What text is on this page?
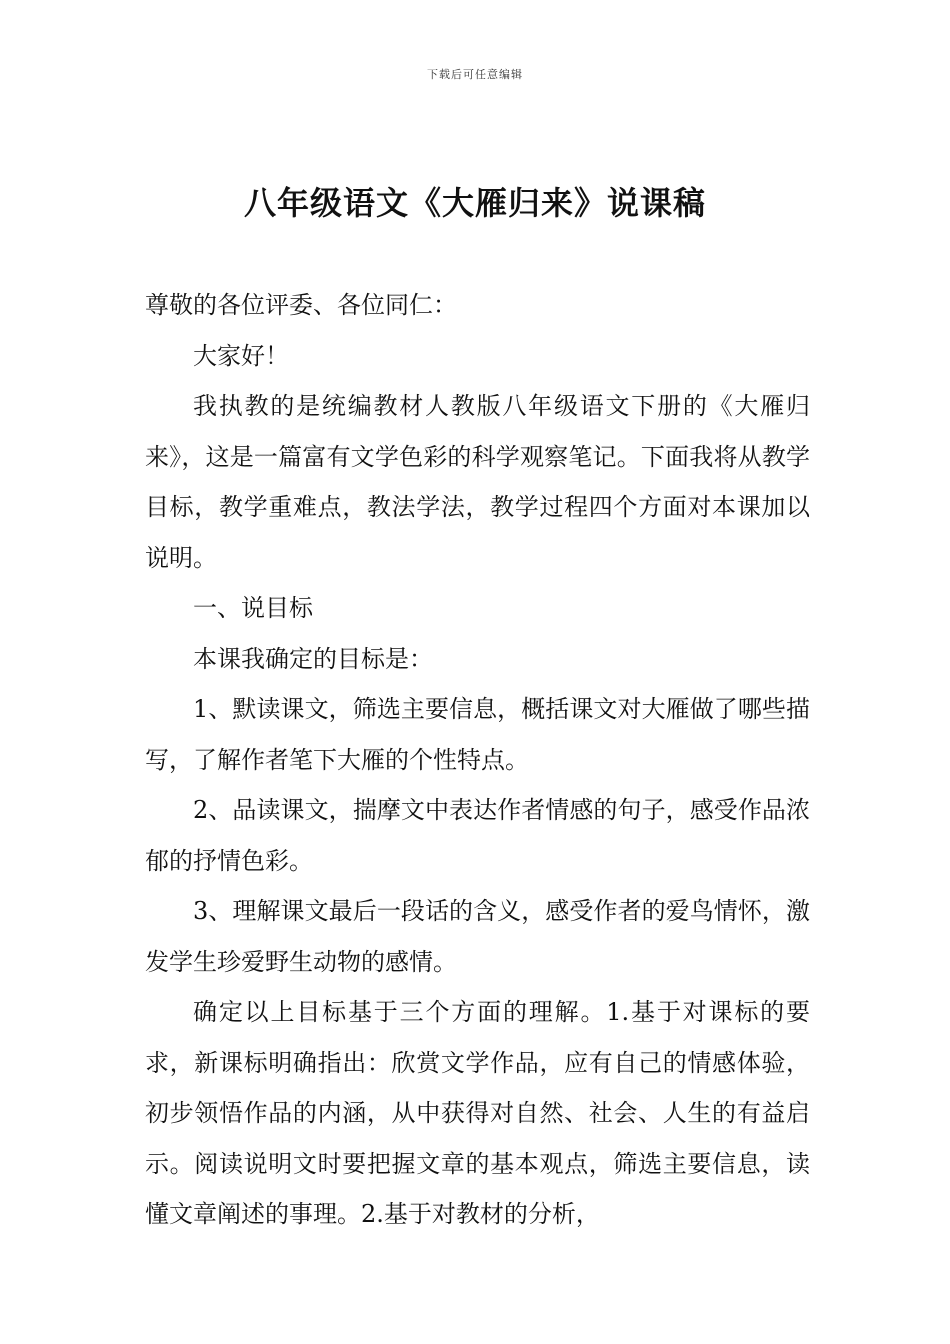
下载后可任意编辑
八年级语文《大雁归来》说课稿

尊敬的各位评委、各位同仁：

大家好！

我执教的是统编教材人教版八年级语文下册的《大雁归来》，这是一篇富有文学色彩的科学观察笔记。下面我将从教学目标，教学重难点，教法学法，教学过程四个方面对本课加以说明。

一、说目标

本课我确定的目标是：

1、默读课文，筛选主要信息，概括课文对大雁做了哪些描写，了解作者笔下大雁的个性特点。

2、品读课文，揣摩文中表达作者情感的句子，感受作品浓郁的抒情色彩。

3、理解课文最后一段话的含义，感受作者的爱鸟情怀，激发学生珍爱野生动物的感情。

确定以上目标基于三个方面的理解。1.基于对课标的要求，新课标明确指出：欣赏文学作品，应有自己的情感体验，初步领悟作品的内涵，从中获得对自然、社会、人生的有益启示。阅读说明文时要把握文章的基本观点，筛选主要信息，读懂文章阐述的事理。2.基于对教材的分析，
